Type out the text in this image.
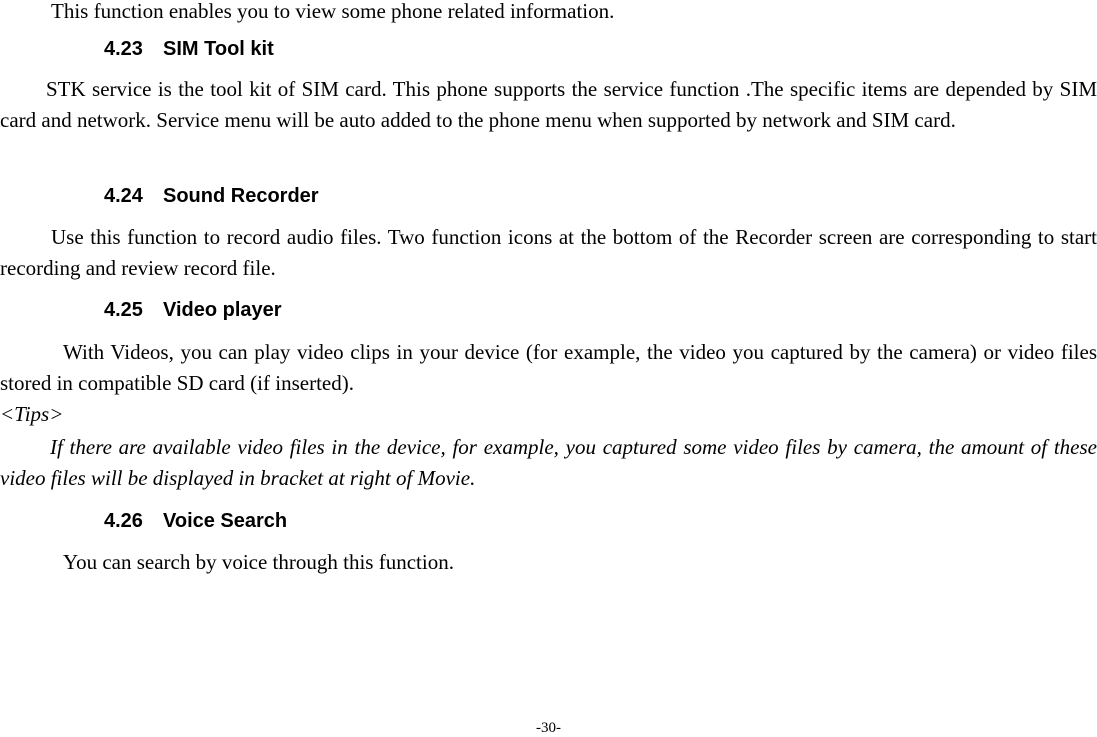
This function enables you to view some phone related information.

4.23 SIM Tool kit

STK service is the tool kit of SIM card. This phone supports the service function .The specific items are depended by SIM card and network. Service menu will be auto added to the phone menu when supported by network and SIM card.

4.24 Sound Recorder

Use this function to record audio files. Two function icons at the bottom of the Recorder screen are corresponding to start recording and review record file.

4.25 Video player

With Videos, you can play video clips in your device (for example, the video you captured by the camera) or video files stored in compatible SD card (if inserted).

<Tips>

If there are available video files in the device, for example, you captured some video files by camera, the amount of these video files will be displayed in bracket at right of Movie.

4.26 Voice Search

You can search by voice through this function.

-30-
